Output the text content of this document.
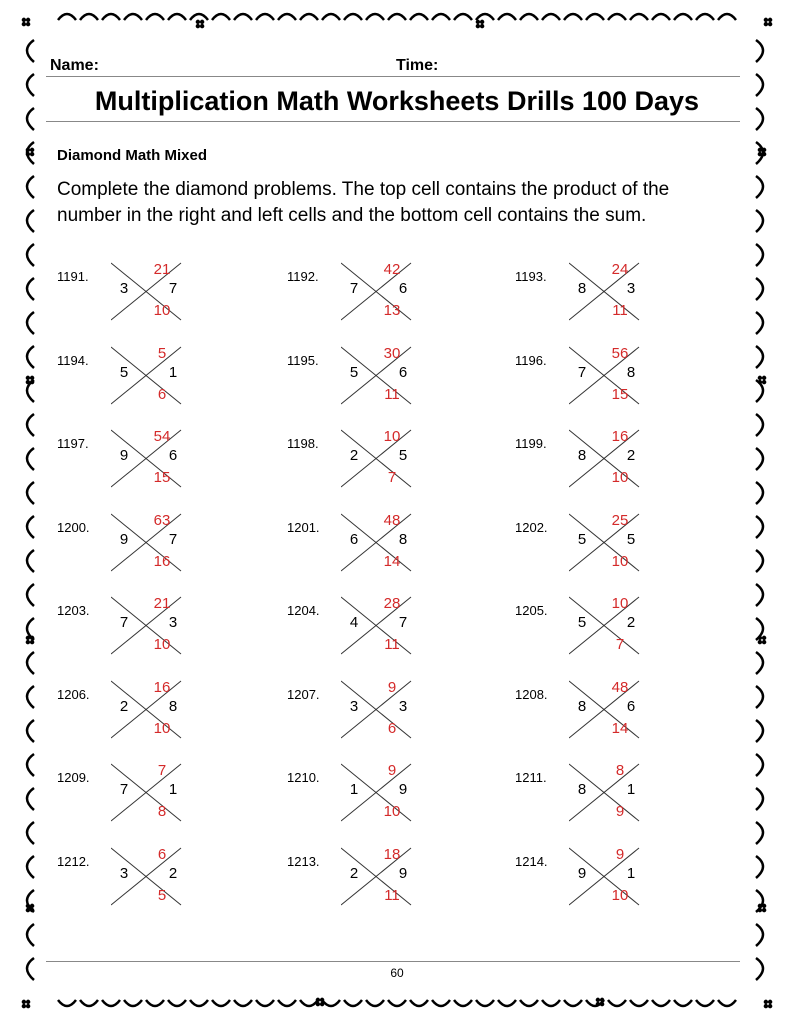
Name:	Time:
Multiplication Math Worksheets Drills 100 Days
Diamond Math Mixed
Complete the diamond problems. The top cell contains the product of the number in the right and left cells and the bottom cell contains the sum.
1191.	21
3	7
10
1192.	42
7	6
13
1193.	24
8	3
11
1194.	5
5	1
6
1195.	30
5	6
11
1196.	56
7	8
15
1197.	54
9	6
15
1198.	10
2	5
7
1199.	16
8	2
10
1200.	63
9	7
16
1201.	48
6	8
14
1202.	25
5	5
10
1203.	21
7	3
10
1204.	28
4	7
11
1205.	10
5	2
7
1206.	16
2	8
10
1207.	9
3	3
6
1208.	48
8	6
14
1209.	7
7	1
8
1210.	9
1	9
10
1211.	8
8	1
9
1212.	6
3	2
5
1213.	18
2	9
11
1214.	9
9	1
10
60
